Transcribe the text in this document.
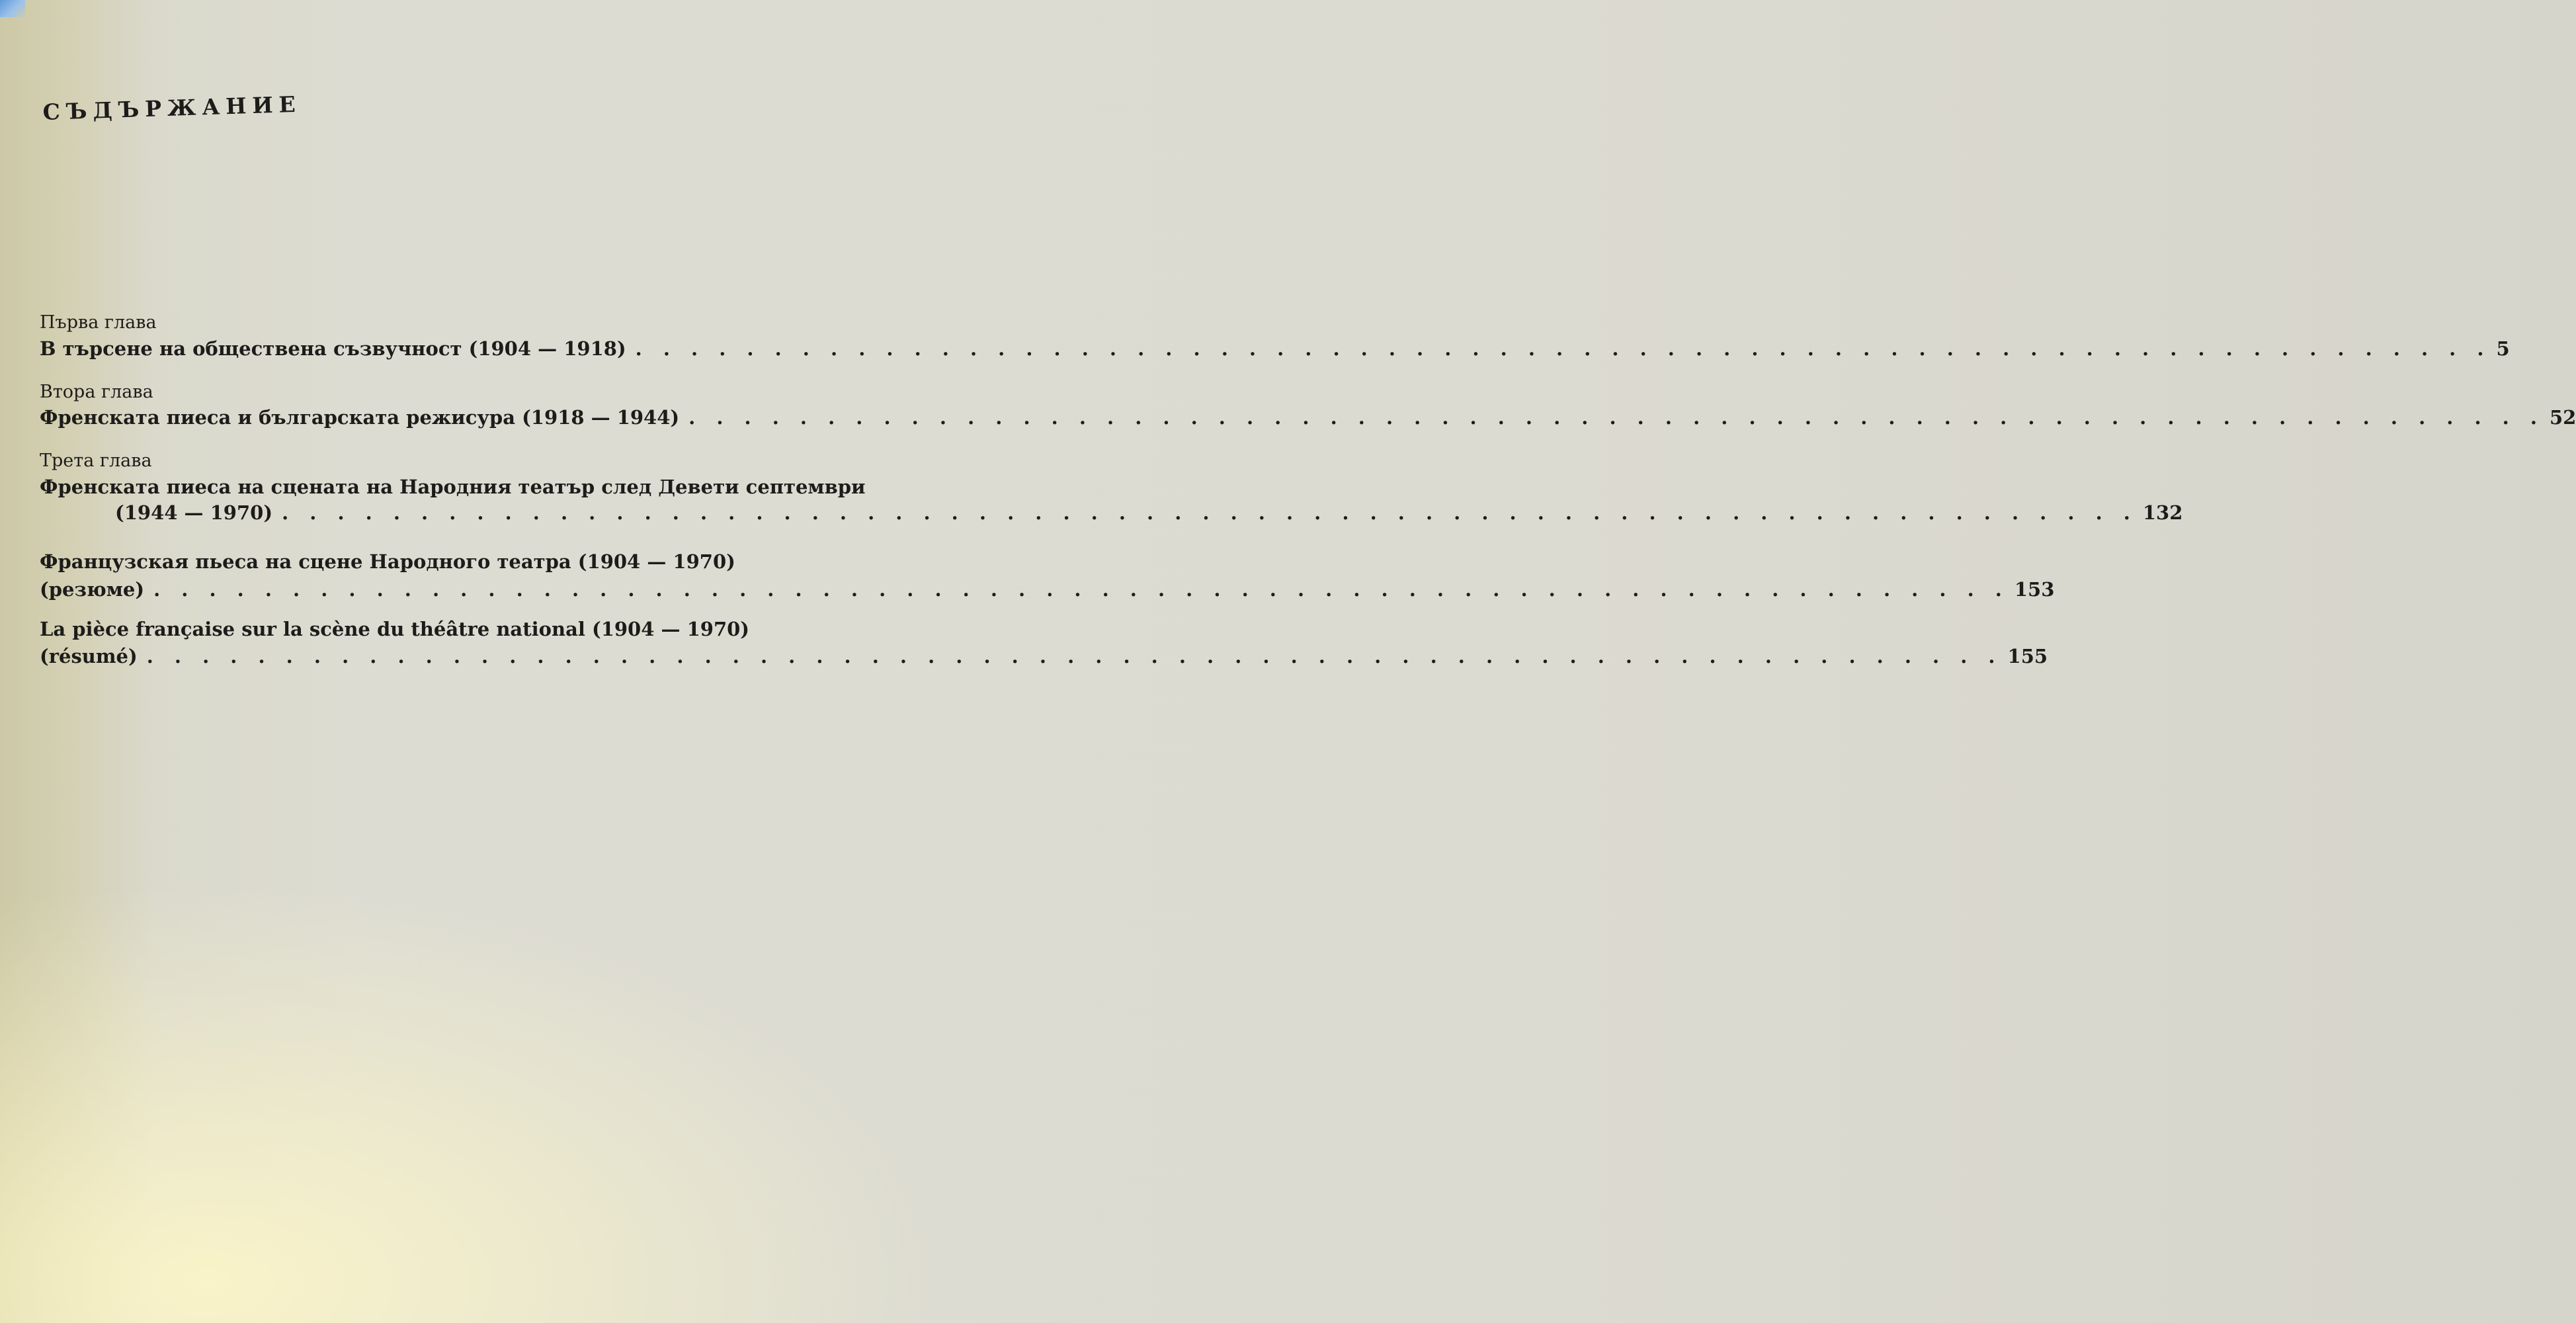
СЪДЪРЖАНИЕ
Първа глава
В търсене на обществена съзвучност (1904 — 1918) . . . . . . . . . . . . . . . . . . . . . . . . . . . . . . . . . . . . . . . . . . . . . . . . . . . . . . . . . . . . . . . . . . . 5
Втора глава
Френската пиеса и българската режисура (1918 — 1944) . . . . . . . . . . . . . . . . . . . . . . . . . . . . . . . . . . . . . . . . . . . . . . . . . . . . . . . . . . . . . . . . . . . 52
Трета глава
Френската пиеса на сцената на Народния театър след Девети септември
(1944 — 1970) . . . . . . . . . . . . . . . . . . . . . . . . . . . . . . . . . . . . . . . . . . . . . . . . . . . . . . . . . . . . . . . . . . . 132
Французская пьеса на сцене Народного театра (1904 — 1970)
(резюме) . . . . . . . . . . . . . . . . . . . . . . . . . . . . . . . . . . . . . . . . . . . . . . . . . . . . . . . . . . . . . . . . . . . 153
La pièce française sur la scène du théâtre national (1904 — 1970)
(résumé) . . . . . . . . . . . . . . . . . . . . . . . . . . . . . . . . . . . . . . . . . . . . . . . . . . . . . . . . . . . . . . . . . . . 155
